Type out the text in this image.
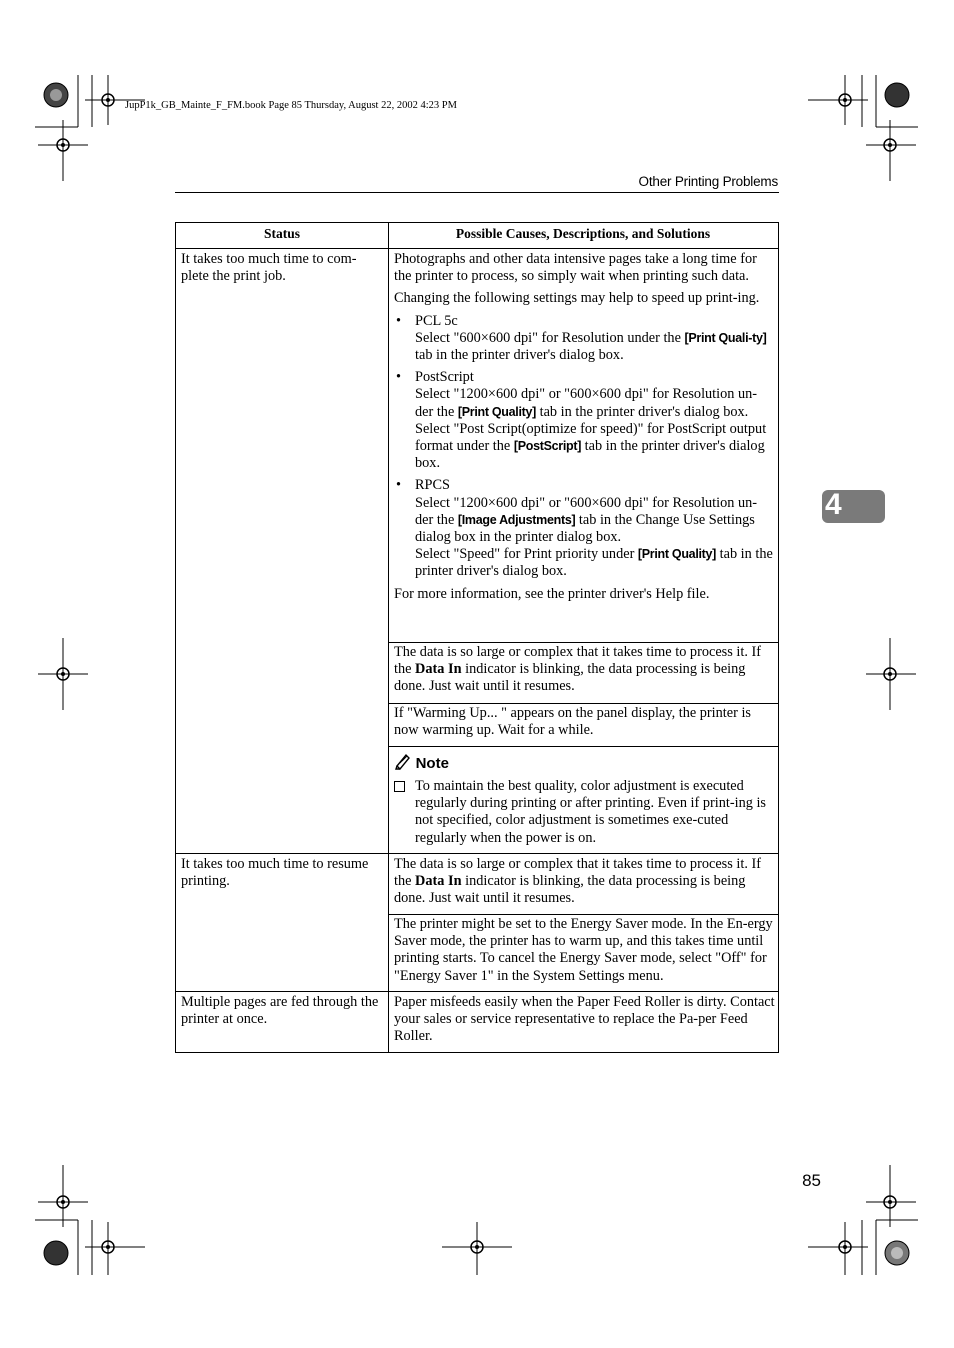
JupP1k_GB_Mainte_F_FM.book Page 85 Thursday, August 22, 2002 4:23 PM
Other Printing Problems
4
Status	Possible Causes, Descriptions, and Solutions
It takes too much time to com-plete the print job.

Photographs and other data intensive pages take a long time for the printer to process, so simply wait when printing such data.

Changing the following settings may help to speed up print-ing.

• PCL 5c
Select "600×600 dpi" for Resolution under the [Print Quali-ty] tab in the printer driver's dialog box.
• PostScript
Select "1200×600 dpi" or "600×600 dpi" for Resolution un-der the [Print Quality] tab in the printer driver's dialog box.
Select "Post Script(optimize for speed)" for PostScript output format under the [PostScript] tab in the printer driver's dialog box.
• RPCS
Select "1200×600 dpi" or "600×600 dpi" for Resolution un-der the [Image Adjustments] tab in the Change Use Settings dialog box in the printer dialog box.
Select "Speed" for Print priority under [Print Quality] tab in the printer driver's dialog box.

For more information, see the printer driver's Help file.

The data is so large or complex that it takes time to process it. If the Data In indicator is blinking, the data processing is being done. Just wait until it resumes.
If "Warming Up... " appears on the panel display, the printer is now warming up. Wait for a while.
Note
To maintain the best quality, color adjustment is executed regularly during printing or after printing. Even if print-ing is not specified, color adjustment is sometimes exe-cuted regularly when the power is on.
It takes too much time to resume printing.
The data is so large or complex that it takes time to process it. If the Data In indicator is blinking, the data processing is being done. Just wait until it resumes.
The printer might be set to the Energy Saver mode. In the En-ergy Saver mode, the printer has to warm up, and this takes time until printing starts. To cancel the Energy Saver mode, select "Off" for "Energy Saver 1" in the System Settings menu.
Multiple pages are fed through the printer at once.
Paper misfeeds easily when the Paper Feed Roller is dirty. Contact your sales or service representative to replace the Pa-per Feed Roller.
85
